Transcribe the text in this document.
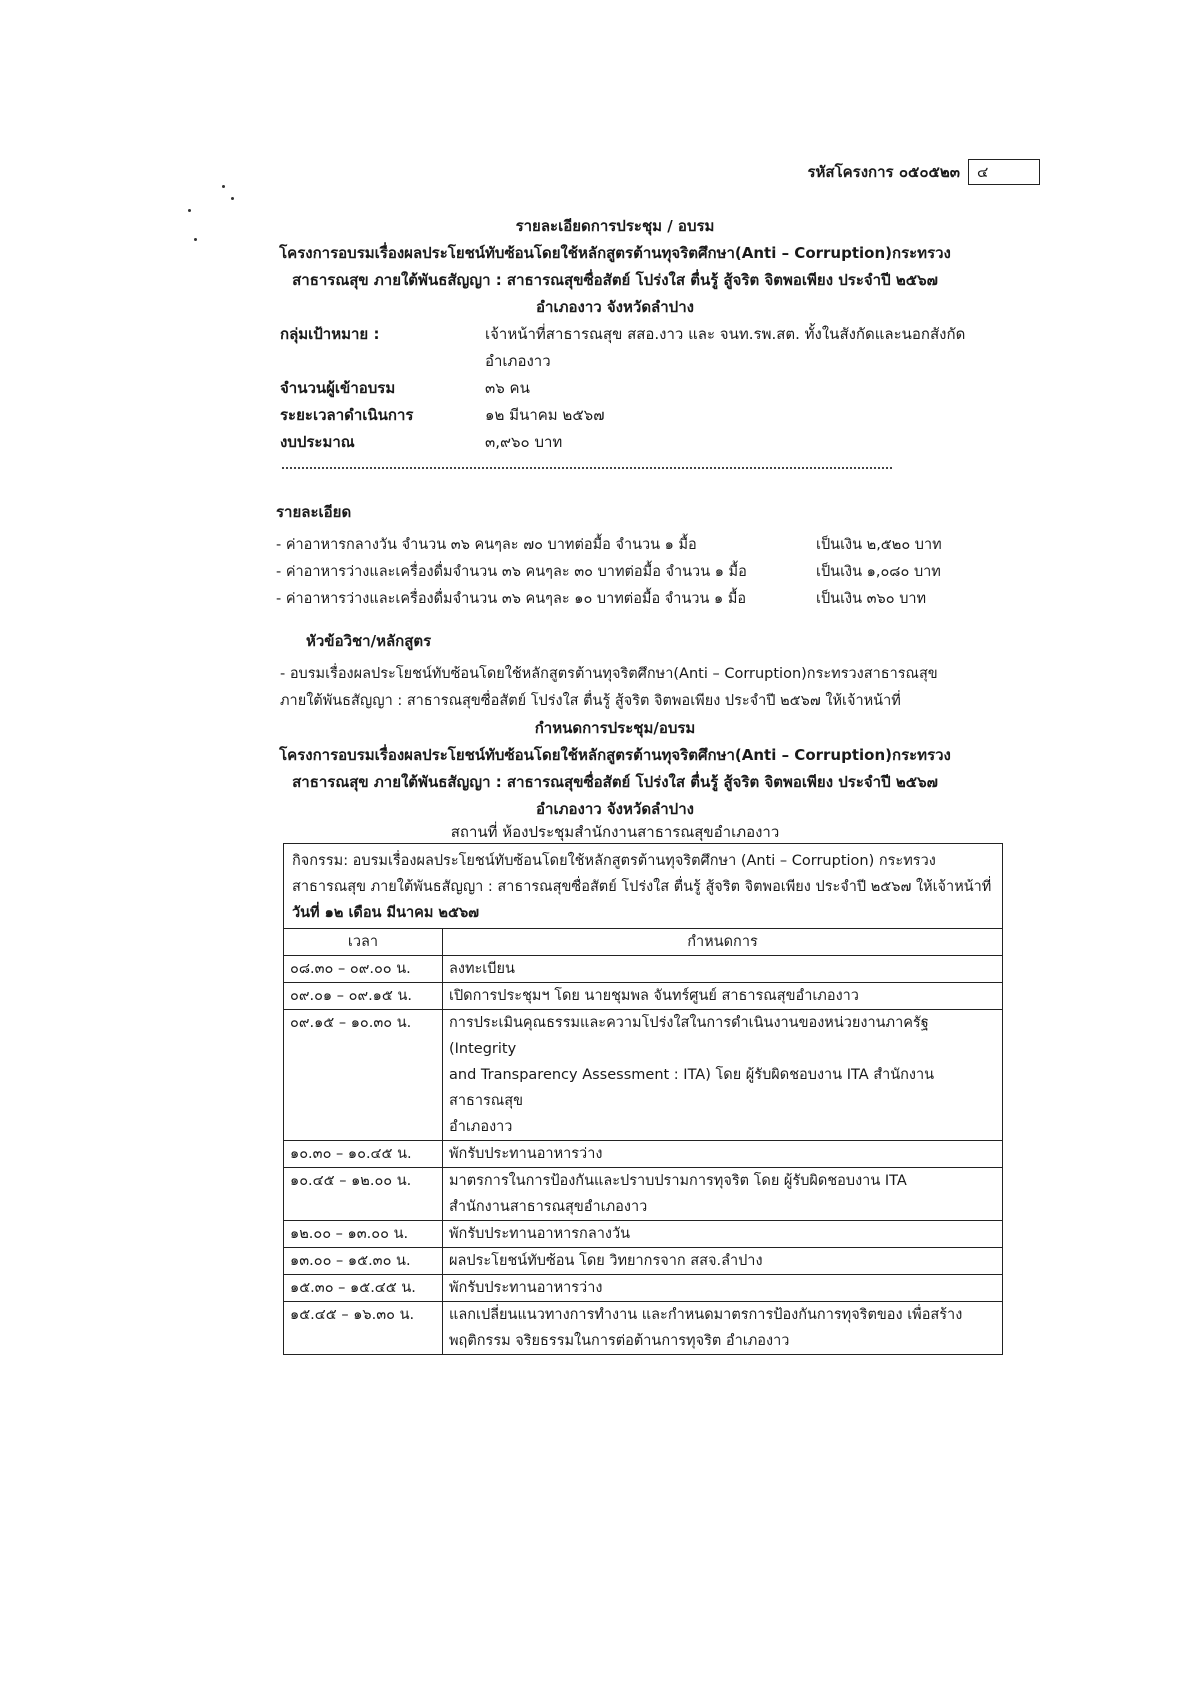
รหัสโครงการ ๐๕๐๕๒๓	๔
รายละเอียดการประชุม / อบรม
โครงการอบรมเรื่องผลประโยชน์ทับซ้อนโดยใช้หลักสูตรต้านทุจริตศึกษา(Anti – Corruption)กระทรวง
สาธารณสุข ภายใต้พันธสัญญา : สาธารณสุขซื่อสัตย์ โปร่งใส ตื่นรู้ สู้จริต จิตพอเพียง ประจำปี ๒๕๖๗
อำเภองาว จังหวัดลำปาง
กลุ่มเป้าหมาย :	เจ้าหน้าที่สาธารณสุข สสอ.งาว และ จนท.รพ.สต. ทั้งในสังกัดและนอกสังกัด
อำเภองาว
จำนวนผู้เข้าอบรม	๓๖ คน
ระยะเวลาดำเนินการ	๑๒ มีนาคม ๒๕๖๗
งบประมาณ	๓,๙๖๐ บาท
รายละเอียด
- ค่าอาหารกลางวัน จำนวน ๓๖ คนๆละ ๗๐ บาทต่อมื้อ จำนวน ๑ มื้อ	เป็นเงิน ๒,๕๒๐ บาท
- ค่าอาหารว่างและเครื่องดื่มจำนวน ๓๖ คนๆละ ๓๐ บาทต่อมื้อ จำนวน ๑ มื้อ	เป็นเงิน ๑,๐๘๐ บาท
- ค่าอาหารว่างและเครื่องดื่มจำนวน ๓๖ คนๆละ ๑๐ บาทต่อมื้อ จำนวน ๑ มื้อ	เป็นเงิน ๓๖๐ บาท
หัวข้อวิชา/หลักสูตร
- อบรมเรื่องผลประโยชน์ทับซ้อนโดยใช้หลักสูตรต้านทุจริตศึกษา(Anti – Corruption)กระทรวงสาธารณสุข
ภายใต้พันธสัญญา : สาธารณสุขซื่อสัตย์ โปร่งใส ตื่นรู้ สู้จริต จิตพอเพียง ประจำปี ๒๕๖๗ ให้เจ้าหน้าที่
กำหนดการประชุม/อบรม
โครงการอบรมเรื่องผลประโยชน์ทับซ้อนโดยใช้หลักสูตรต้านทุจริตศึกษา(Anti – Corruption)กระทรวง
สาธารณสุข ภายใต้พันธสัญญา : สาธารณสุขซื่อสัตย์ โปร่งใส ตื่นรู้ สู้จริต จิตพอเพียง ประจำปี ๒๕๖๗
อำเภองาว จังหวัดลำปาง
สถานที่ ห้องประชุมสำนักงานสาธารณสุขอำเภองาว
กิจกรรม: อบรมเรื่องผลประโยชน์ทับซ้อนโดยใช้หลักสูตรต้านทุจริตศึกษา (Anti – Corruption) กระทรวง
สาธารณสุข ภายใต้พันธสัญญา : สาธารณสุขซื่อสัตย์ โปร่งใส ตื่นรู้ สู้จริต จิตพอเพียง ประจำปี ๒๕๖๗ ให้เจ้าหน้าที่
วันที่ ๑๒ เดือน มีนาคม ๒๕๖๗
เวลา	กำหนดการ
๐๘.๓๐ – ๐๙.๐๐ น.	ลงทะเบียน

๐๙.๐๑ – ๐๙.๑๕ น.	เปิดการประชุมฯ โดย นายชุมพล จันทร์ศูนย์ สาธารณสุขอำเภองาว

๐๙.๑๕ – ๑๐.๓๐ น.	การประเมินคุณธรรมและความโปร่งใสในการดำเนินงานของหน่วยงานภาครัฐ (Integrity
and Transparency Assessment : ITA) โดย ผู้รับผิดชอบงาน ITA สำนักงานสาธารณสุข
อำเภองาว

๑๐.๓๐ – ๑๐.๔๕ น.	พักรับประทานอาหารว่าง

๑๐.๔๕ – ๑๒.๐๐ น.	มาตรการในการป้องกันและปราบปรามการทุจริต โดย ผู้รับผิดชอบงาน ITA
สำนักงานสาธารณสุขอำเภองาว

๑๒.๐๐ – ๑๓.๐๐ น.	พักรับประทานอาหารกลางวัน

๑๓.๐๐ – ๑๕.๓๐ น.	ผลประโยชน์ทับซ้อน โดย วิทยากรจาก สสจ.ลำปาง

๑๕.๓๐ – ๑๕.๔๕ น.	พักรับประทานอาหารว่าง

๑๕.๔๕ – ๑๖.๓๐ น.	แลกเปลี่ยนแนวทางการทำงาน และกำหนดมาตรการป้องกันการทุจริตของ เพื่อสร้าง
พฤติกรรม จริยธรรมในการต่อต้านการทุจริต อำเภองาว
